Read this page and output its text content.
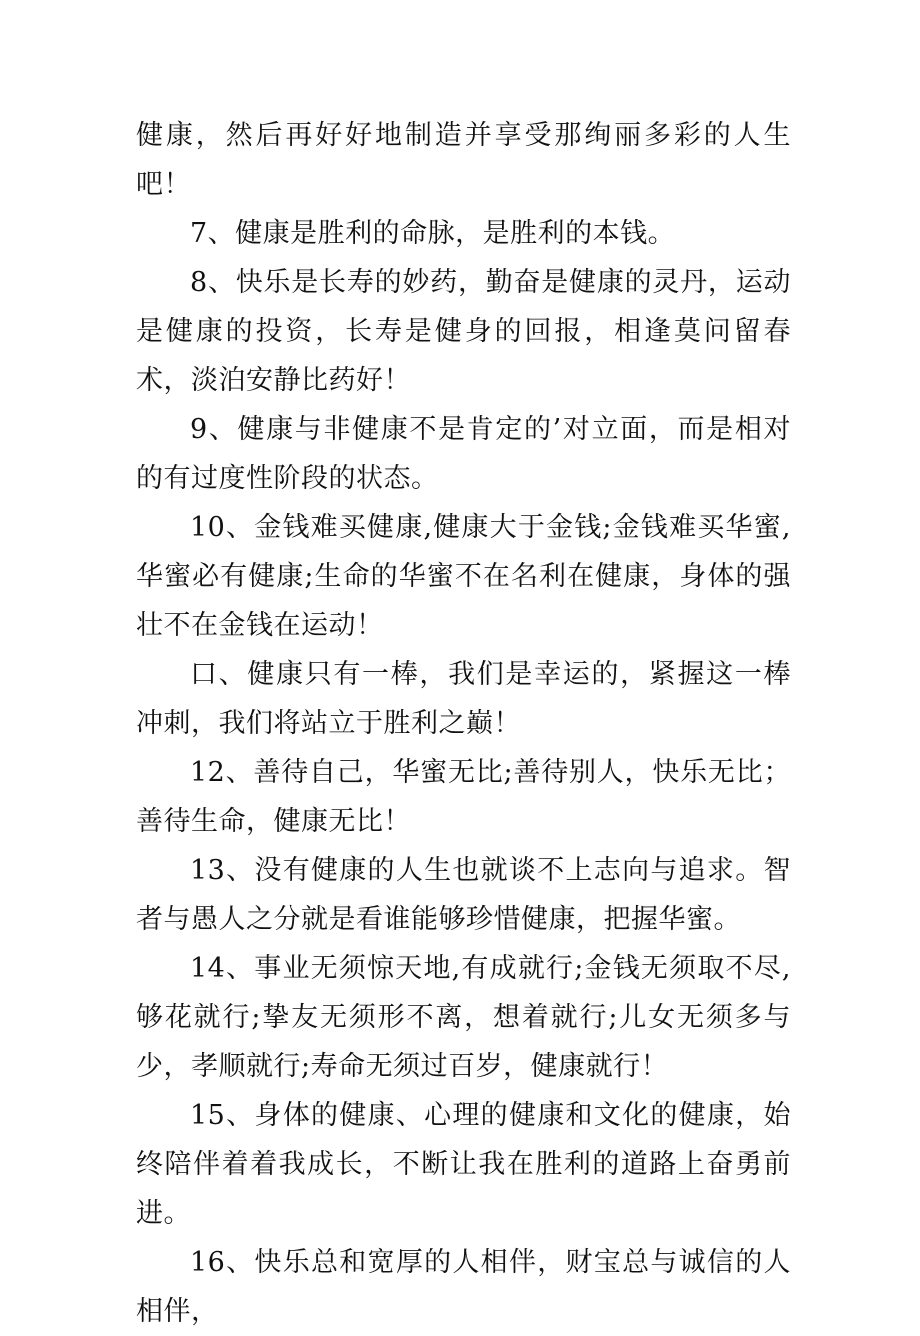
健康，然后再好好地制造并享受那绚丽多彩的人生吧！

7、健康是胜利的命脉，是胜利的本钱。

8、快乐是长寿的妙药，勤奋是健康的灵丹，运动是健康的投资，长寿是健身的回报，相逢莫问留春术，淡泊安静比药好！

9、健康与非健康不是肯定的’对立面，而是相对的有过度性阶段的状态。

10、金钱难买健康,健康大于金钱;金钱难买华蜜,华蜜必有健康;生命的华蜜不在名利在健康，身体的强壮不在金钱在运动！

口、健康只有一棒，我们是幸运的，紧握这一棒冲刺，我们将站立于胜利之巅！

12、善待自己，华蜜无比;善待别人，快乐无比；善待生命，健康无比！

13、没有健康的人生也就谈不上志向与追求。智者与愚人之分就是看谁能够珍惜健康，把握华蜜。

14、事业无须惊天地,有成就行;金钱无须取不尽,够花就行;挚友无须形不离，想着就行;儿女无须多与少，孝顺就行;寿命无须过百岁，健康就行！

15、身体的健康、心理的健康和文化的健康，始终陪伴着着我成长，不断让我在胜利的道路上奋勇前进。

16、快乐总和宽厚的人相伴，财宝总与诚信的人相伴，
